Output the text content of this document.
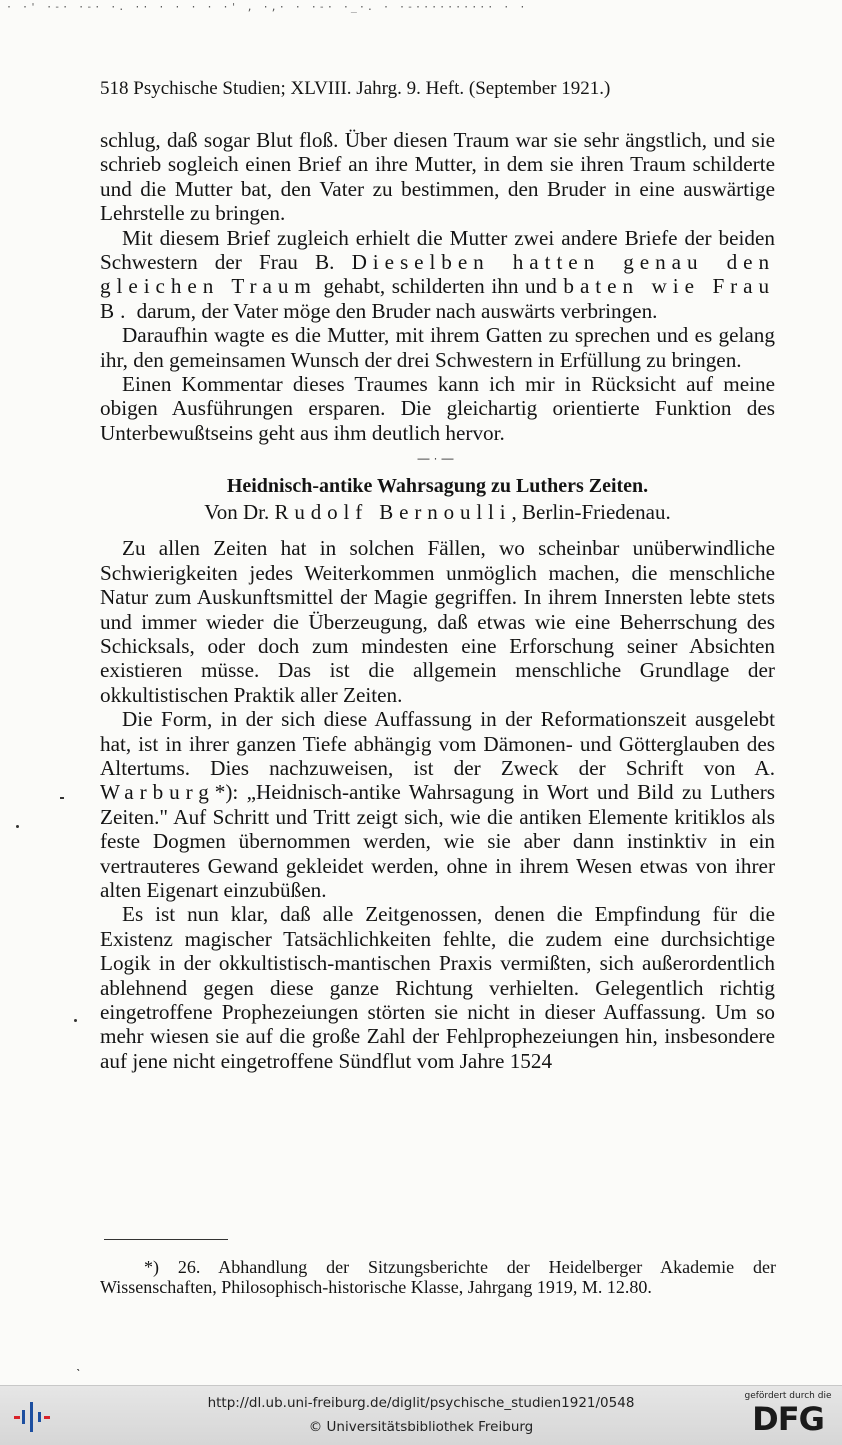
· ·' ·-· ·-· ·. ·· · · · · ·' , ·,· · ·-· ·_·. · ·-·········· · ·
518 Psychische Studien; XLVIII. Jahrg. 9. Heft. (September 1921.)

schlug, daß sogar Blut floß. Über diesen Traum war sie sehr ängstlich, und sie schrieb sogleich einen Brief an ihre Mutter, in dem sie ihren Traum schilderte und die Mutter bat, den Vater zu bestimmen, den Bruder in eine auswärtige Lehrstelle zu bringen.

Mit diesem Brief zugleich erhielt die Mutter zwei andere Briefe der beiden Schwestern der Frau B. Dieselben hatten genau den gleichen Traum gehabt, schilderten ihn und baten wie Frau B. darum, der Vater möge den Bruder nach auswärts verbringen.

Daraufhin wagte es die Mutter, mit ihrem Gatten zu sprechen und es gelang ihr, den gemeinsamen Wunsch der drei Schwestern in Erfüllung zu bringen.

Einen Kommentar dieses Traumes kann ich mir in Rücksicht auf meine obigen Ausführungen ersparen. Die gleichartig orientierte Funktion des Unterbewußtseins geht aus ihm deutlich hervor.

—·—
Heidnisch-antike Wahrsagung zu Luthers Zeiten.
Von Dr. Rudolf Bernoulli, Berlin-Friedenau.

Zu allen Zeiten hat in solchen Fällen, wo scheinbar unüberwindliche Schwierigkeiten jedes Weiterkommen unmöglich machen, die menschliche Natur zum Auskunftsmittel der Magie gegriffen. In ihrem Innersten lebte stets und immer wieder die Überzeugung, daß etwas wie eine Beherrschung des Schicksals, oder doch zum mindesten eine Erforschung seiner Absichten existieren müsse. Das ist die allgemein menschliche Grundlage der okkultistischen Praktik aller Zeiten.

Die Form, in der sich diese Auffassung in der Reformationszeit ausgelebt hat, ist in ihrer ganzen Tiefe abhängig vom Dämonen- und Götterglauben des Altertums. Dies nachzuweisen, ist der Zweck der Schrift von A. Warburg*): „Heidnisch-antike Wahrsagung in Wort und Bild zu Luthers Zeiten." Auf Schritt und Tritt zeigt sich, wie die antiken Elemente kritiklos als feste Dogmen übernommen werden, wie sie aber dann instinktiv in ein vertrauteres Gewand gekleidet werden, ohne in ihrem Wesen etwas von ihrer alten Eigenart einzubüßen.

Es ist nun klar, daß alle Zeitgenossen, denen die Empfindung für die Existenz magischer Tatsächlichkeiten fehlte, die zudem eine durchsichtige Logik in der okkultistisch-mantischen Praxis vermißten, sich außerordentlich ablehnend gegen diese ganze Richtung verhielten. Gelegentlich richtig eingetroffene Prophezeiungen störten sie nicht in dieser Auffassung. Um so mehr wiesen sie auf die große Zahl der Fehlprophezeiungen hin, insbesondere auf jene nicht eingetroffene Sündflut vom Jahre 1524

*) 26. Abhandlung der Sitzungsberichte der Heidelberger Akademie der Wissenschaften, Philosophisch-historische Klasse, Jahrgang 1919, M. 12.80.
ˋ
http://dl.ub.uni-freiburg.de/diglit/psychische_studien1921/0548
© Universitätsbibliothek Freiburg
gefördert durch die
DFG
